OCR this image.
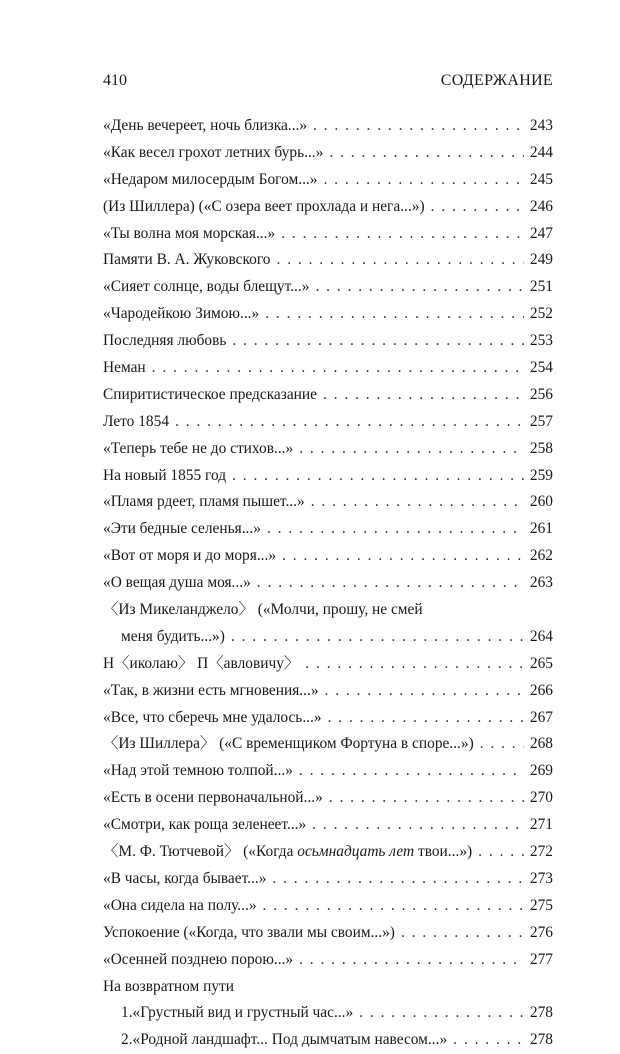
410	СОДЕРЖАНИЕ
«День вечереет, ночь близка...» . . .	243
«Как весел грохот летних бурь...» . . .	244
«Недаром милосердым Богом...» . . .	245
(Из Шиллера) («С озера веет прохлада и нега...») . . .	246
«Ты волна моя морская...» . . .	247
Памяти В. А. Жуковского . . .	249
«Сияет солнце, воды блещут...» . . .	251
«Чародейкою Зимою...» . . .	252
Последняя любовь . . .	253
Неман . . .	254
Спиритистическое предсказание . . .	256
Лето 1854 . . .	257
«Теперь тебе не до стихов...» . . .	258
На новый 1855 год . . .	259
«Пламя рдеет, пламя пышет...» . . .	260
«Эти бедные селенья...» . . .	261
«Вот от моря и до моря...» . . .	262
«О вещая душа моя...» . . .	263
〈Из Микеланджело〉 («Молчи, прошу, не смей
меня будить...») . . .	264
Н〈иколаю〉 П〈авловичу〉 . . .	265
«Так, в жизни есть мгновения...» . . .	266
«Все, что сберечь мне удалось...» . . .	267
〈Из Шиллера〉 («С временщиком Фортуна в споре...») . . .	268
«Над этой темною толпой...» . . .	269
«Есть в осени первоначальной...» . . .	270
«Смотри, как роща зеленеет...» . . .	271
〈М. Ф. Тютчевой〉 («Когда осьмнадцать лет твои...») . . .	272
«В часы, когда бывает...» . . .	273
«Она сидела на полу...» . . .	275
Успокоение («Когда, что звали мы своим...») . . .	276
«Осенней позднею порою...» . . .	277
На возвратном пути
1. «Грустный вид и грустный час...» . . .	278
2. «Родной ландшафт... Под дымчатым навесом...» . . .	278
